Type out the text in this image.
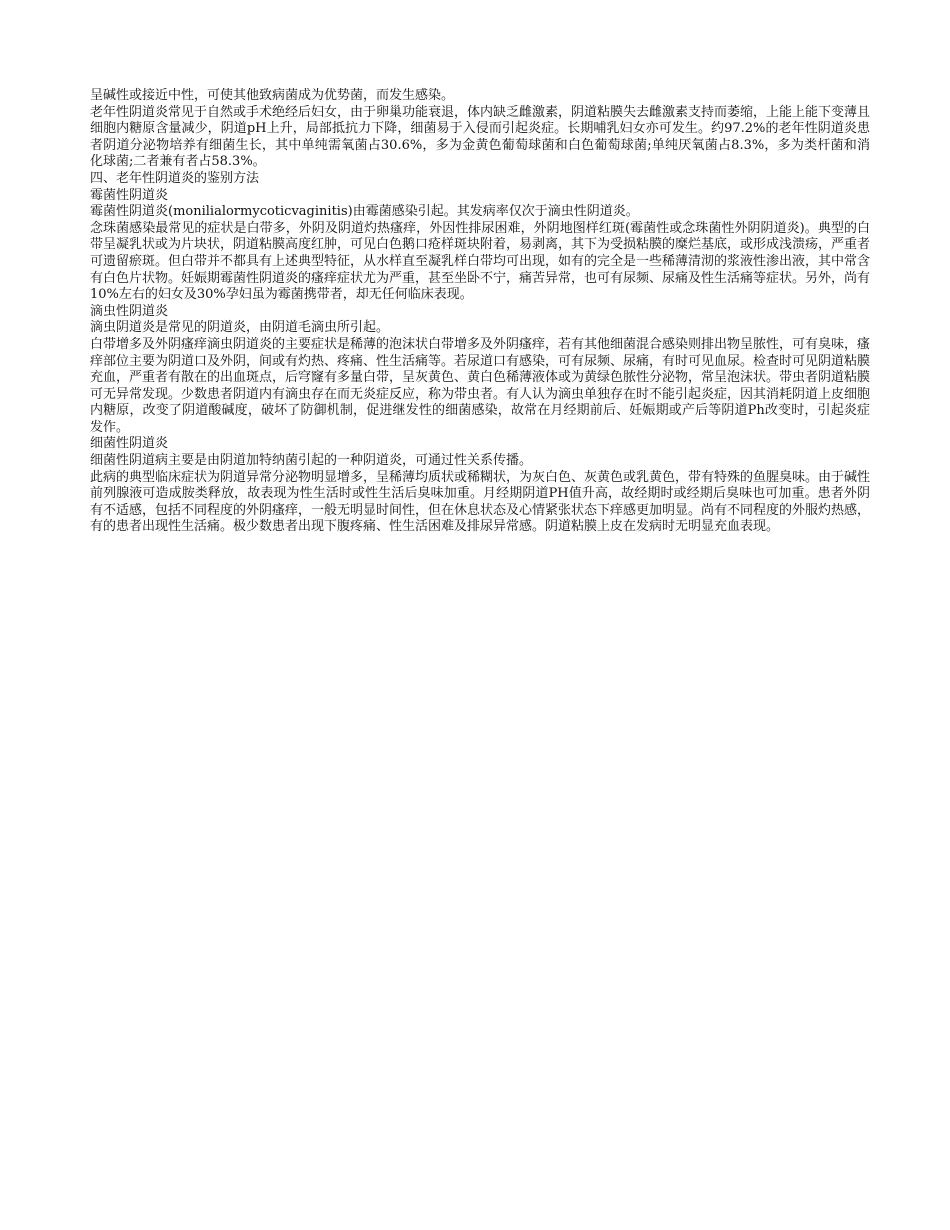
呈碱性或接近中性，可使其他致病菌成为优势菌，而发生感染。

老年性阴道炎常见于自然或手术绝经后妇女，由于卵巢功能衰退，体内缺乏雌激素，阴道粘膜失去雌激素支持而萎缩，上能上能下变薄且细胞内糖原含量减少，阴道pH上升，局部抵抗力下降，细菌易于入侵而引起炎症。长期哺乳妇女亦可发生。约97.2%的老年性阴道炎患者阴道分泌物培养有细菌生长，其中单纯需氧菌占30.6%，多为金黄色葡萄球菌和白色葡萄球菌;单纯厌氧菌占8.3%，多为类杆菌和消化球菌;二者兼有者占58.3%。

四、老年性阴道炎的鉴别方法

霉菌性阴道炎

霉菌性阴道炎(monilialormycoticvaginitis)由霉菌感染引起。其发病率仅次于滴虫性阴道炎。

念珠菌感染最常见的症状是白带多，外阴及阴道灼热瘙痒，外因性排尿困难，外阴地图样红斑(霉菌性或念珠菌性外阴阴道炎)。典型的白带呈凝乳状或为片块状，阴道粘膜高度红肿，可见白色鹅口疮样斑块附着，易剥离，其下为受损粘膜的糜烂基底，或形成浅溃疡，严重者可遗留瘀斑。但白带并不都具有上述典型特征，从水样直至凝乳样白带均可出现，如有的完全是一些稀薄清沏的浆液性渗出液，其中常含有白色片状物。妊娠期霉菌性阴道炎的瘙痒症状尤为严重，甚至坐卧不宁，痛苦异常，也可有尿频、尿痛及性生活痛等症状。另外，尚有10%左右的妇女及30%孕妇虽为霉菌携带者，却无任何临床表现。

滴虫性阴道炎

滴虫阴道炎是常见的阴道炎，由阴道毛滴虫所引起。

白带增多及外阴瘙痒滴虫阴道炎的主要症状是稀薄的泡沫状白带增多及外阴瘙痒，若有其他细菌混合感染则排出物呈脓性，可有臭味，瘙痒部位主要为阴道口及外阴，间或有灼热、疼痛、性生活痛等。若尿道口有感染，可有尿频、尿痛，有时可见血尿。检查时可见阴道粘膜充血，严重者有散在的出血斑点，后穹窿有多量白带，呈灰黄色、黄白色稀薄液体或为黄绿色脓性分泌物，常呈泡沫状。带虫者阴道粘膜可无异常发现。少数患者阴道内有滴虫存在而无炎症反应，称为带虫者。有人认为滴虫单独存在时不能引起炎症，因其消耗阴道上皮细胞内糖原，改变了阴道酸碱度，破坏了防御机制，促进继发性的细菌感染，故常在月经期前后、妊娠期或产后等阴道Ph改变时，引起炎症发作。

细菌性阴道炎

细菌性阴道病主要是由阴道加特纳菌引起的一种阴道炎，可通过性关系传播。

此病的典型临床症状为阴道异常分泌物明显增多，呈稀薄均质状或稀糊状，为灰白色、灰黄色或乳黄色，带有特殊的鱼腥臭味。由于碱性前列腺液可造成胺类释放，故表现为性生活时或性生活后臭味加重。月经期阴道PH值升高，故经期时或经期后臭味也可加重。患者外阴有不适感，包括不同程度的外阴瘙痒，一般无明显时间性，但在休息状态及心情紧张状态下痒感更加明显。尚有不同程度的外服灼热感，有的患者出现性生活痛。极少数患者出现下腹疼痛、性生活困难及排尿异常感。阴道粘膜上皮在发病时无明显充血表现。
